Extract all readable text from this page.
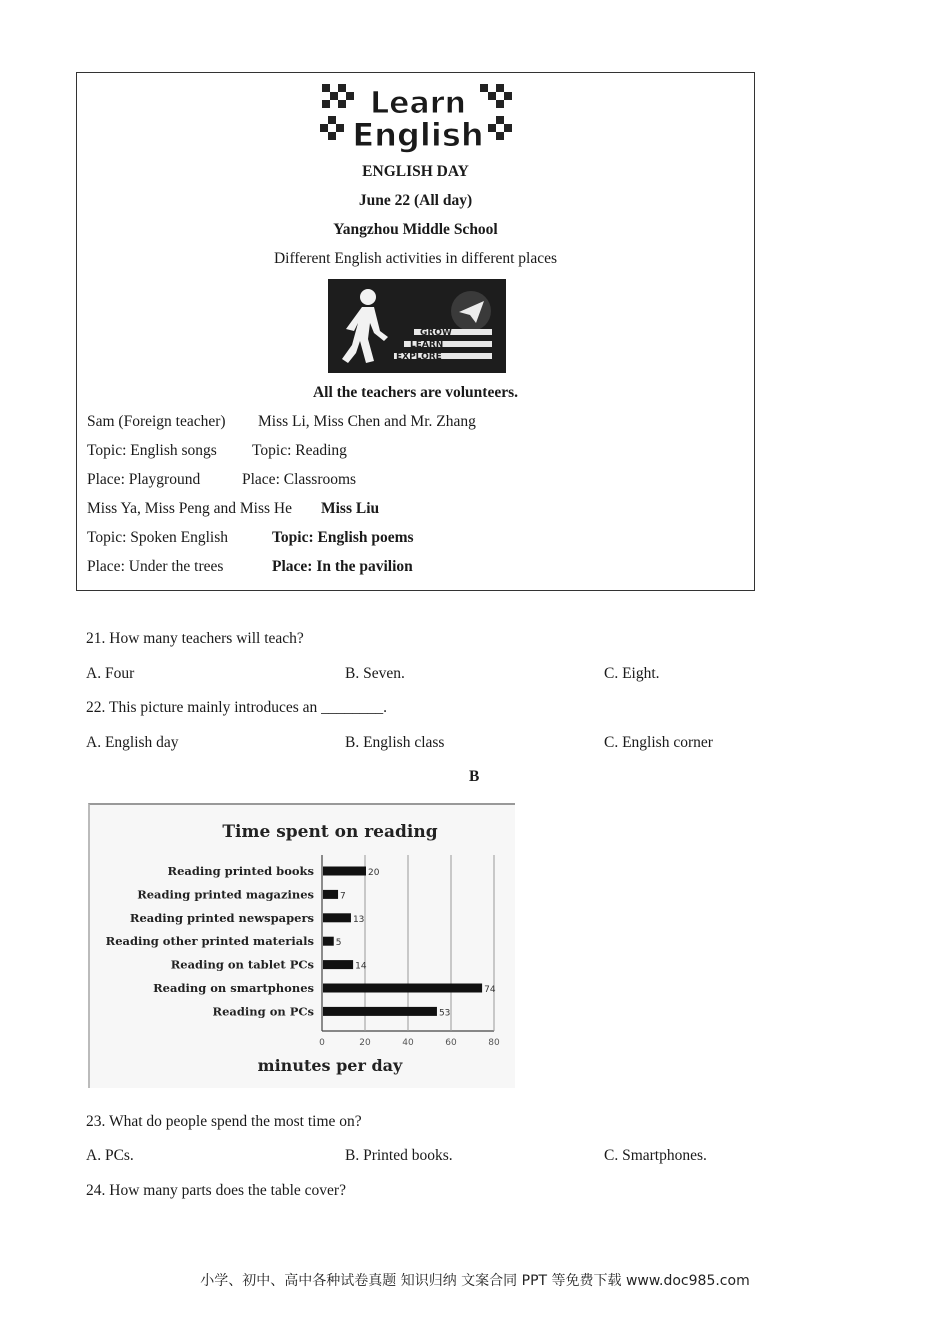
Learn
English
ENGLISH DAY
June 22 (All day)
Yangzhou Middle School
Different English activities in different places
GROW
LEARN
EXPLORE
All the teachers are volunteers.
Sam (Foreign teacher) Miss Li, Miss Chen and Mr. Zhang
Topic: English songs Topic: Reading
Place: Playground	Place: Classrooms
Miss Ya, Miss Peng and Miss He Miss Liu
Topic: Spoken English	Topic: English poems
Place: Under the trees	Place: In the pavilion
21. How many teachers will teach?
A. Four	B. Seven.	C. Eight.
22. This picture mainly introduces an ________.
A. English day	B. English class	C. English corner
B
Time spent on reading
minutes per day
20
Reading printed books
7
Reading printed magazines
13
Reading printed newspapers
5
Reading other printed materials
14
Reading on tablet PCs
74
Reading on smartphones
53
Reading on PCs
0	20	40	60	80
23. What do people spend the most time on?
A. PCs.	B. Printed books.	C. Smartphones.
24. How many parts does the table cover?
小学、初中、高中各种试卷真题 知识归纳 文案合同 PPT 等免费下载 www.doc985.com
